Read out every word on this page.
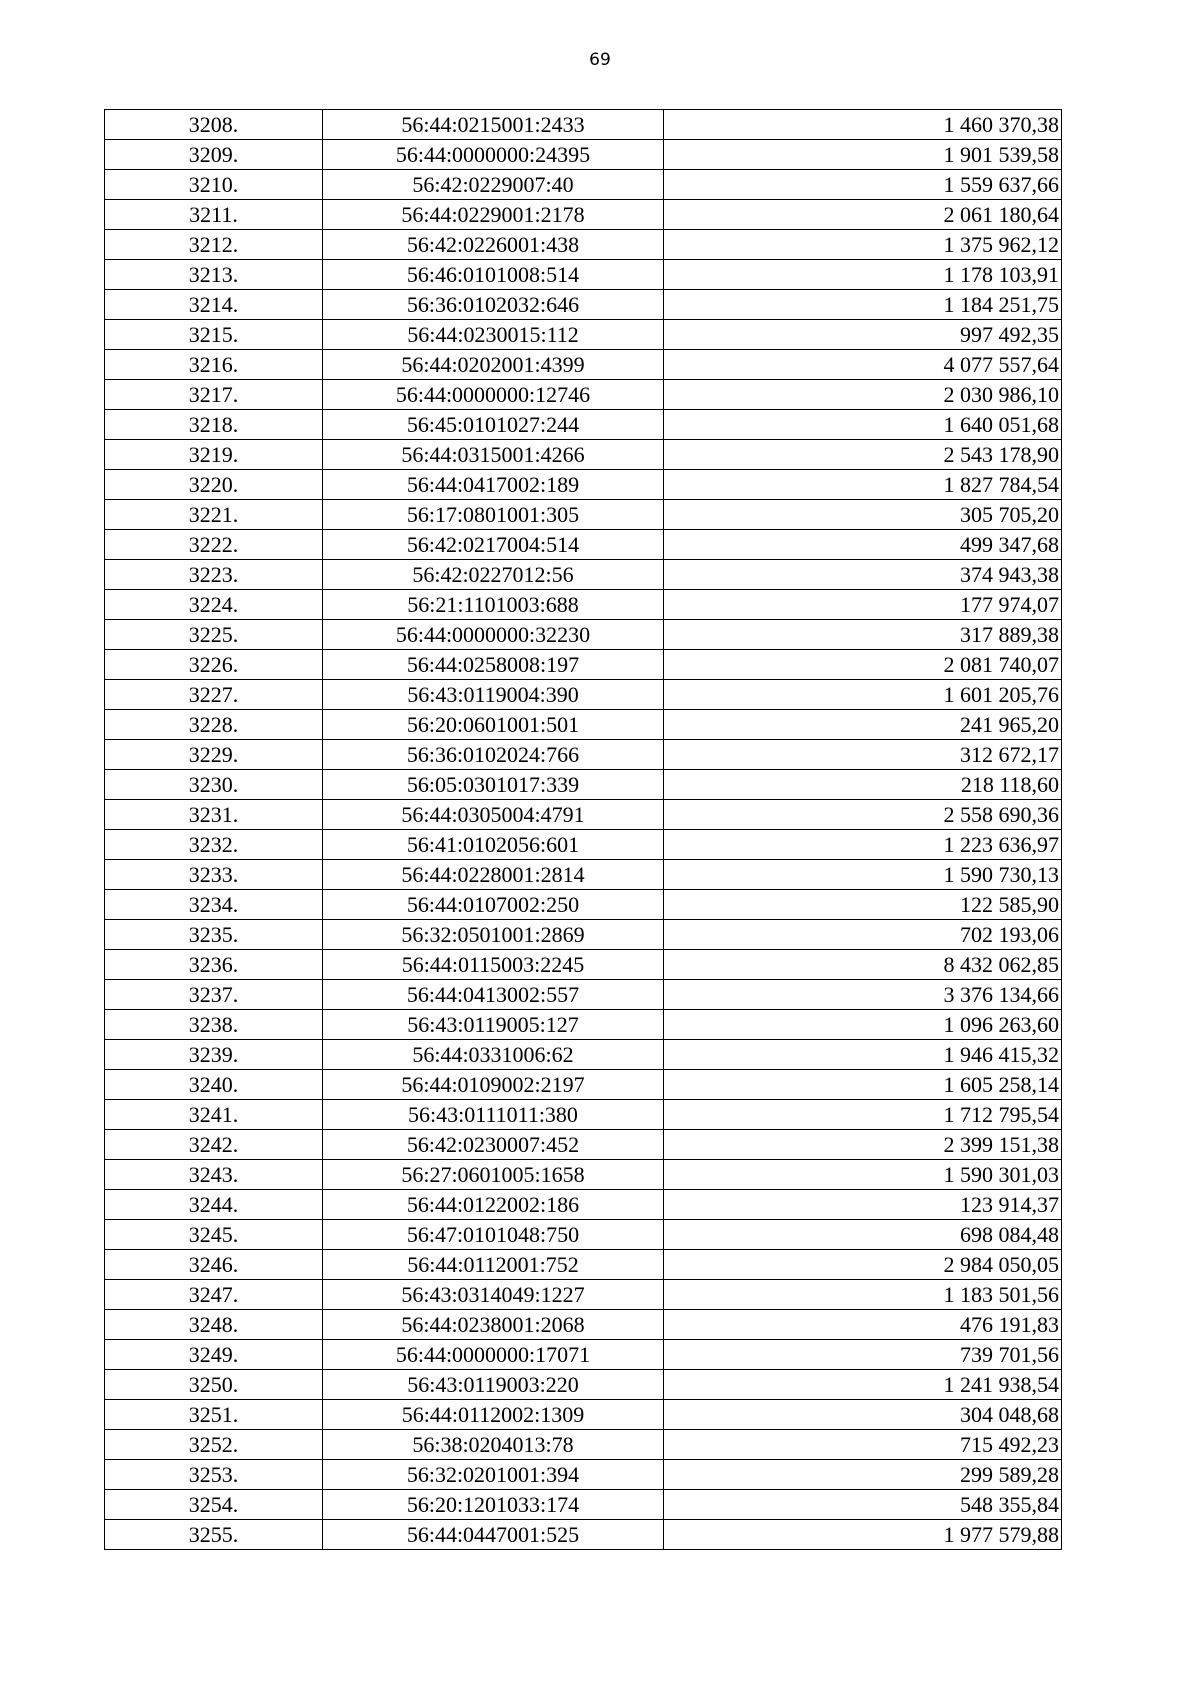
69
3208.	56:44:0215001:2433	1 460 370,38
3209.	56:44:0000000:24395	1 901 539,58
3210.	56:42:0229007:40	1 559 637,66
3211.	56:44:0229001:2178	2 061 180,64
3212.	56:42:0226001:438	1 375 962,12
3213.	56:46:0101008:514	1 178 103,91
3214.	56:36:0102032:646	1 184 251,75
3215.	56:44:0230015:112	997 492,35
3216.	56:44:0202001:4399	4 077 557,64
3217.	56:44:0000000:12746	2 030 986,10
3218.	56:45:0101027:244	1 640 051,68
3219.	56:44:0315001:4266	2 543 178,90
3220.	56:44:0417002:189	1 827 784,54
3221.	56:17:0801001:305	305 705,20
3222.	56:42:0217004:514	499 347,68
3223.	56:42:0227012:56	374 943,38
3224.	56:21:1101003:688	177 974,07
3225.	56:44:0000000:32230	317 889,38
3226.	56:44:0258008:197	2 081 740,07
3227.	56:43:0119004:390	1 601 205,76
3228.	56:20:0601001:501	241 965,20
3229.	56:36:0102024:766	312 672,17
3230.	56:05:0301017:339	218 118,60
3231.	56:44:0305004:4791	2 558 690,36
3232.	56:41:0102056:601	1 223 636,97
3233.	56:44:0228001:2814	1 590 730,13
3234.	56:44:0107002:250	122 585,90
3235.	56:32:0501001:2869	702 193,06
3236.	56:44:0115003:2245	8 432 062,85
3237.	56:44:0413002:557	3 376 134,66
3238.	56:43:0119005:127	1 096 263,60
3239.	56:44:0331006:62	1 946 415,32
3240.	56:44:0109002:2197	1 605 258,14
3241.	56:43:0111011:380	1 712 795,54
3242.	56:42:0230007:452	2 399 151,38
3243.	56:27:0601005:1658	1 590 301,03
3244.	56:44:0122002:186	123 914,37
3245.	56:47:0101048:750	698 084,48
3246.	56:44:0112001:752	2 984 050,05
3247.	56:43:0314049:1227	1 183 501,56
3248.	56:44:0238001:2068	476 191,83
3249.	56:44:0000000:17071	739 701,56
3250.	56:43:0119003:220	1 241 938,54
3251.	56:44:0112002:1309	304 048,68
3252.	56:38:0204013:78	715 492,23
3253.	56:32:0201001:394	299 589,28
3254.	56:20:1201033:174	548 355,84
3255.	56:44:0447001:525	1 977 579,88
